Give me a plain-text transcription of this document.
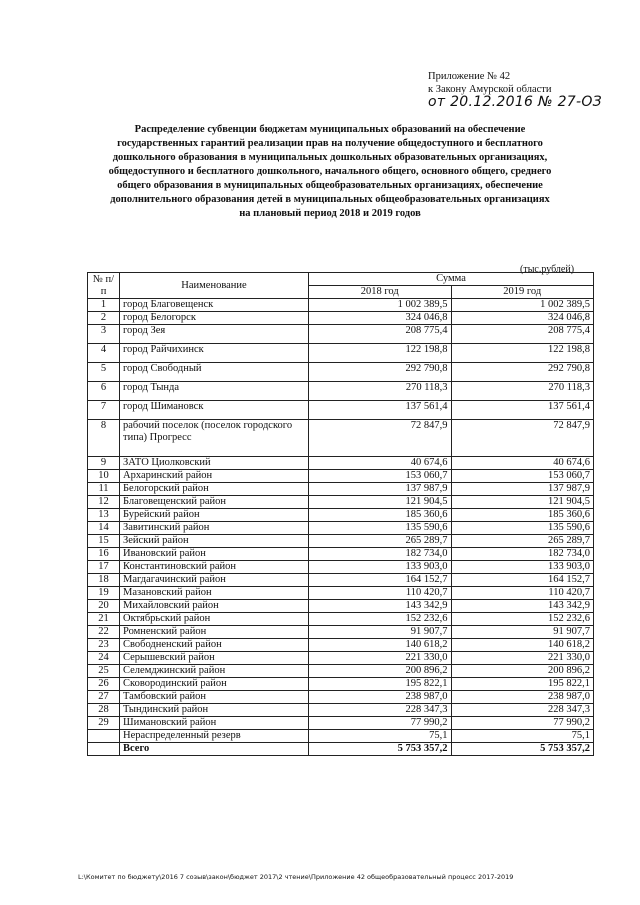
Приложение № 42
к Закону Амурской области
от 20.12.2016 № 27-ОЗ
Распределение субвенции бюджетам муниципальных образований на обеспечение государственных гарантий реализации прав на получение общедоступного и бесплатного дошкольного образования в муниципальных дошкольных образовательных организациях, общедоступного и бесплатного дошкольного, начального общего, основного общего, среднего общего образования в муниципальных общеобразовательных организациях, обеспечение дополнительного образования детей в муниципальных общеобразовательных организациях на плановый период 2018 и 2019 годов
(тыс.рублей)
№ п/п	Наименование	Сумма	
		2018 год	2019 год
1	город Благовещенск	1 002 389,5	1 002 389,5
2	город Белогорск	324 046,8	324 046,8
3	город Зея	208 775,4	208 775,4
4	город Райчихинск	122 198,8	122 198,8
5	город Свободный	292 790,8	292 790,8
6	город Тында	270 118,3	270 118,3
7	город Шимановск	137 561,4	137 561,4
8	рабочий поселок (поселок городского типа) Прогресс	72 847,9	72 847,9
9	ЗАТО Циолковский	40 674,6	40 674,6
10	Архаринский район	153 060,7	153 060,7
11	Белогорский район	137 987,9	137 987,9
12	Благовещенский район	121 904,5	121 904,5
13	Бурейский район	185 360,6	185 360,6
14	Завитинский район	135 590,6	135 590,6
15	Зейский район	265 289,7	265 289,7
16	Ивановский район	182 734,0	182 734,0
17	Константиновский район	133 903,0	133 903,0
18	Магдагачинский район	164 152,7	164 152,7
19	Мазановский район	110 420,7	110 420,7
20	Михайловский район	143 342,9	143 342,9
21	Октябрьский район	152 232,6	152 232,6
22	Ромненский район	91 907,7	91 907,7
23	Свободненский район	140 618,2	140 618,2
24	Серышевский район	221 330,0	221 330,0
25	Селемджинский район	200 896,2	200 896,2
26	Сковородинский район	195 822,1	195 822,1
27	Тамбовский район	238 987,0	238 987,0
28	Тындинский район	228 347,3	228 347,3
29	Шимановский район	77 990,2	77 990,2
	Нераспределенный резерв	75,1	75,1
	Всего	5 753 357,2	5 753 357,2
L:\Комитет по бюджету\2016 7 созыв\закон\бюджет 2017\2 чтение\Приложение 42 общеобразовательный процесс 2017-2019
